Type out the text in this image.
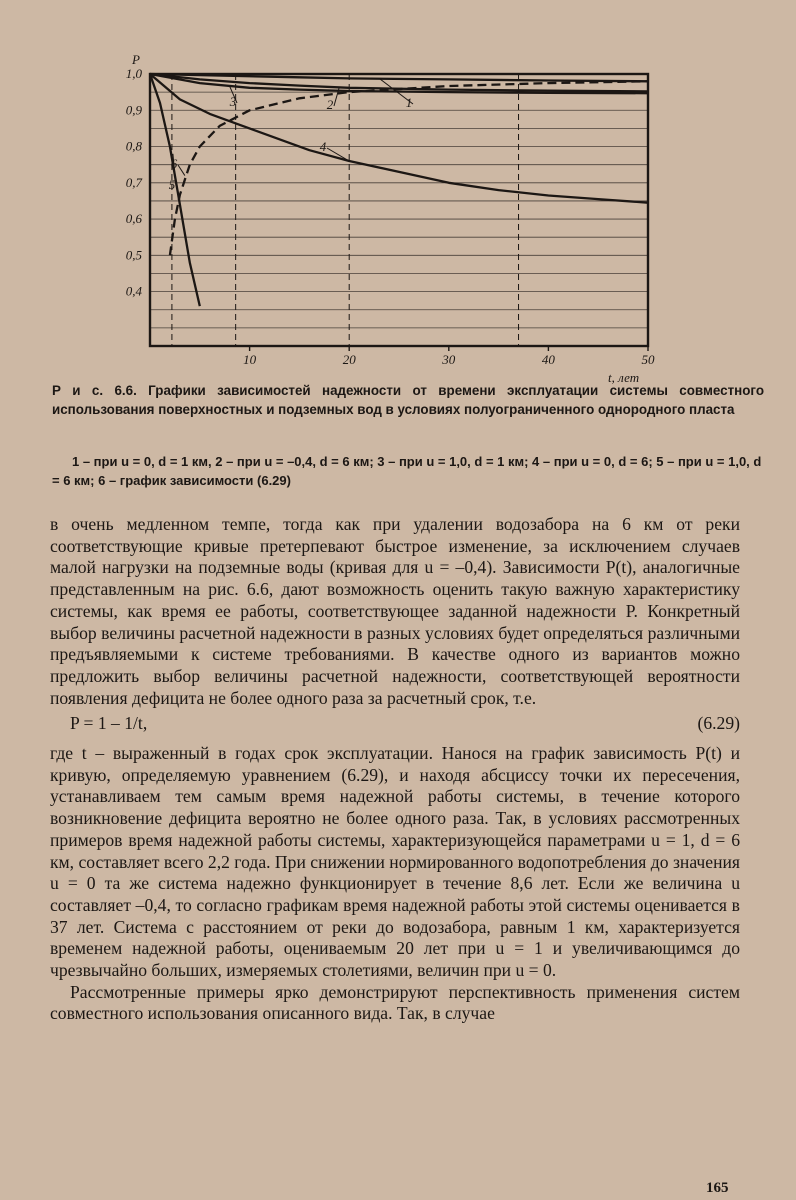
10	20	30	40	50
1,0
0,9
0,8
0,7
0,6
0,5
0,4
1
2
3
4
5
6
P
t, лет
Р и с. 6.6. Графики зависимостей надежности от времени эксплуатации системы совместного использования поверхностных и подземных вод в условиях полуограниченного однородного пласта
1 – при u = 0, d = 1 км, 2 – при u = –0,4, d = 6 км; 3 – при u = 1,0, d = 1 км; 4 – при u = 0, d = 6; 5 – при u = 1,0, d = 6 км; 6 – график зависимости (6.29)

в очень медленном темпе, тогда как при удалении водозабора на 6 км от реки соответствующие кривые претерпевают быстрое изменение, за исключением случаев малой нагрузки на подземные воды (кривая для u = –0,4). Зависимости P(t), аналогичные представленным на рис. 6.6, дают возможность оценить такую важную характеристику системы, как время ее работы, соответствующее заданной надежности P. Конкретный выбор величины расчетной надежности в разных условиях будет определяться различными предъявляемыми к системе требованиями. В качестве одного из вариантов можно предложить выбор величины расчетной надежности, соответствующей вероятности появления дефицита не более одного раза за расчетный срок, т.е.

P = 1 – 1/t,	(6.29)

где t – выраженный в годах срок эксплуатации. Нанося на график зависимость P(t) и кривую, определяемую уравнением (6.29), и находя абсциссу точки их пересечения, устанавливаем тем самым время надежной работы системы, в течение которого возникновение дефицита вероятно не более одного раза. Так, в условиях рассмотренных примеров время надежной работы системы, характеризующейся параметрами u = 1, d = 6 км, составляет всего 2,2 года. При снижении нормированного водопотребления до значения u = 0 та же система надежно функционирует в течение 8,6 лет. Если же величина u составляет –0,4, то согласно графикам время надежной работы этой системы оценивается в 37 лет. Система с расстоянием от реки до водозабора, равным 1 км, характеризуется временем надежной работы, оцениваемым 20 лет при u = 1 и увеличивающимся до чрезвычайно больших, измеряемых столетиями, величин при u = 0.

Рассмотренные примеры ярко демонстрируют перспективность применения систем совместного использования описанного вида. Так, в случае

165
